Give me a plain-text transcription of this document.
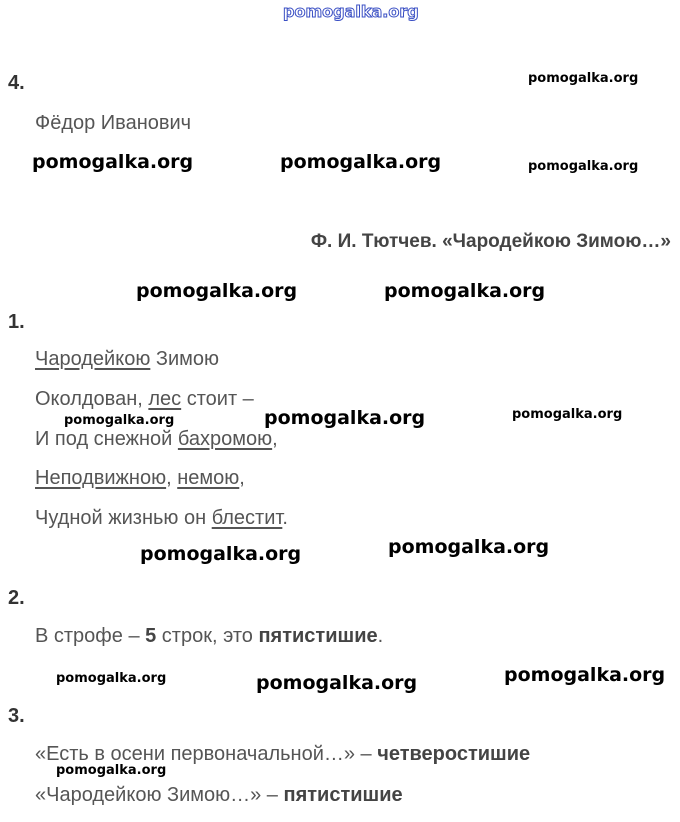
pomogalka.org
4.
Фёдор Иванович
Ф. И. Тютчев. «Чародейкою Зимою…»
1.
Чародейкою Зимою
Околдован, лес стоит –
И под снежной бахромою,
Неподвижною, немою,
Чудной жизнью он блестит.
2.
В строфе – 5 строк, это пятистишие.
3.
«Есть в осени первоначальной…» – четверостишие
«Чародейкою Зимою…» – пятистишие
pomogalka.org
pomogalka.org	pomogalka.org	pomogalka.org
pomogalka.org	pomogalka.org
pomogalka.org	pomogalka.org	pomogalka.org
pomogalka.org	pomogalka.org
pomogalka.org	pomogalka.org	pomogalka.org
pomogalka.org
